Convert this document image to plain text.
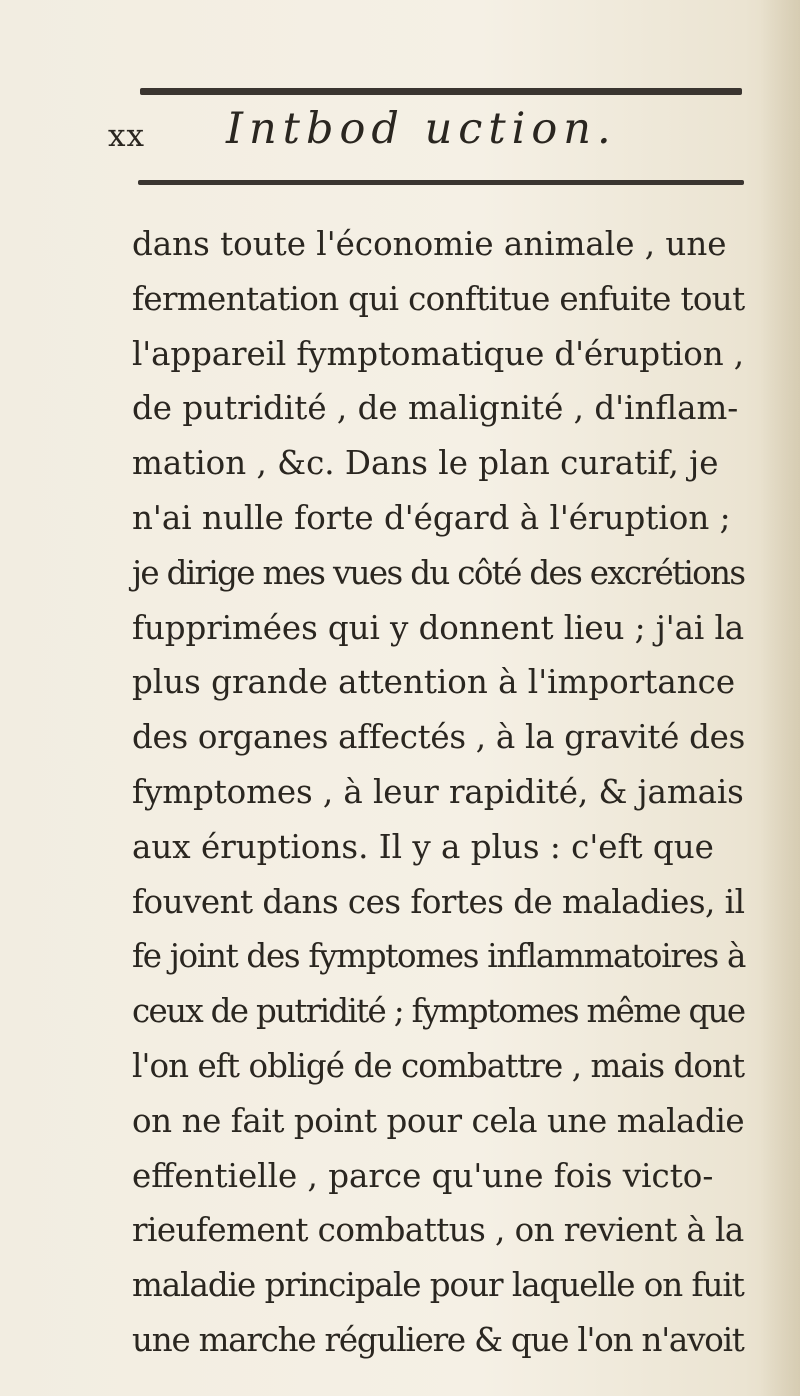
xx Intbod uction.
dans toute l'économie animale , une
fermentation qui conftitue enfuite tout
l'appareil fymptomatique d'éruption ,
de putridité , de malignité , d'inflam-
mation , &c. Dans le plan curatif, je
n'ai nulle forte d'égard à l'éruption ;
je dirige mes vues du côté des excrétions
fupprimées qui y donnent lieu ; j'ai la
plus grande attention à l'importance
des organes affectés , à la gravité des
fymptomes , à leur rapidité, & jamais
aux éruptions. Il y a plus : c'eft que
fouvent dans ces fortes de maladies, il
fe joint des fymptomes inflammatoires à
ceux de putridité ; fymptomes même que
l'on eft obligé de combattre , mais dont
on ne fait point pour cela une maladie
effentielle , parce qu'une fois victo-
rieufement combattus , on revient à la
maladie principale pour laquelle on fuit
une marche réguliere & que l'on n'avoit
